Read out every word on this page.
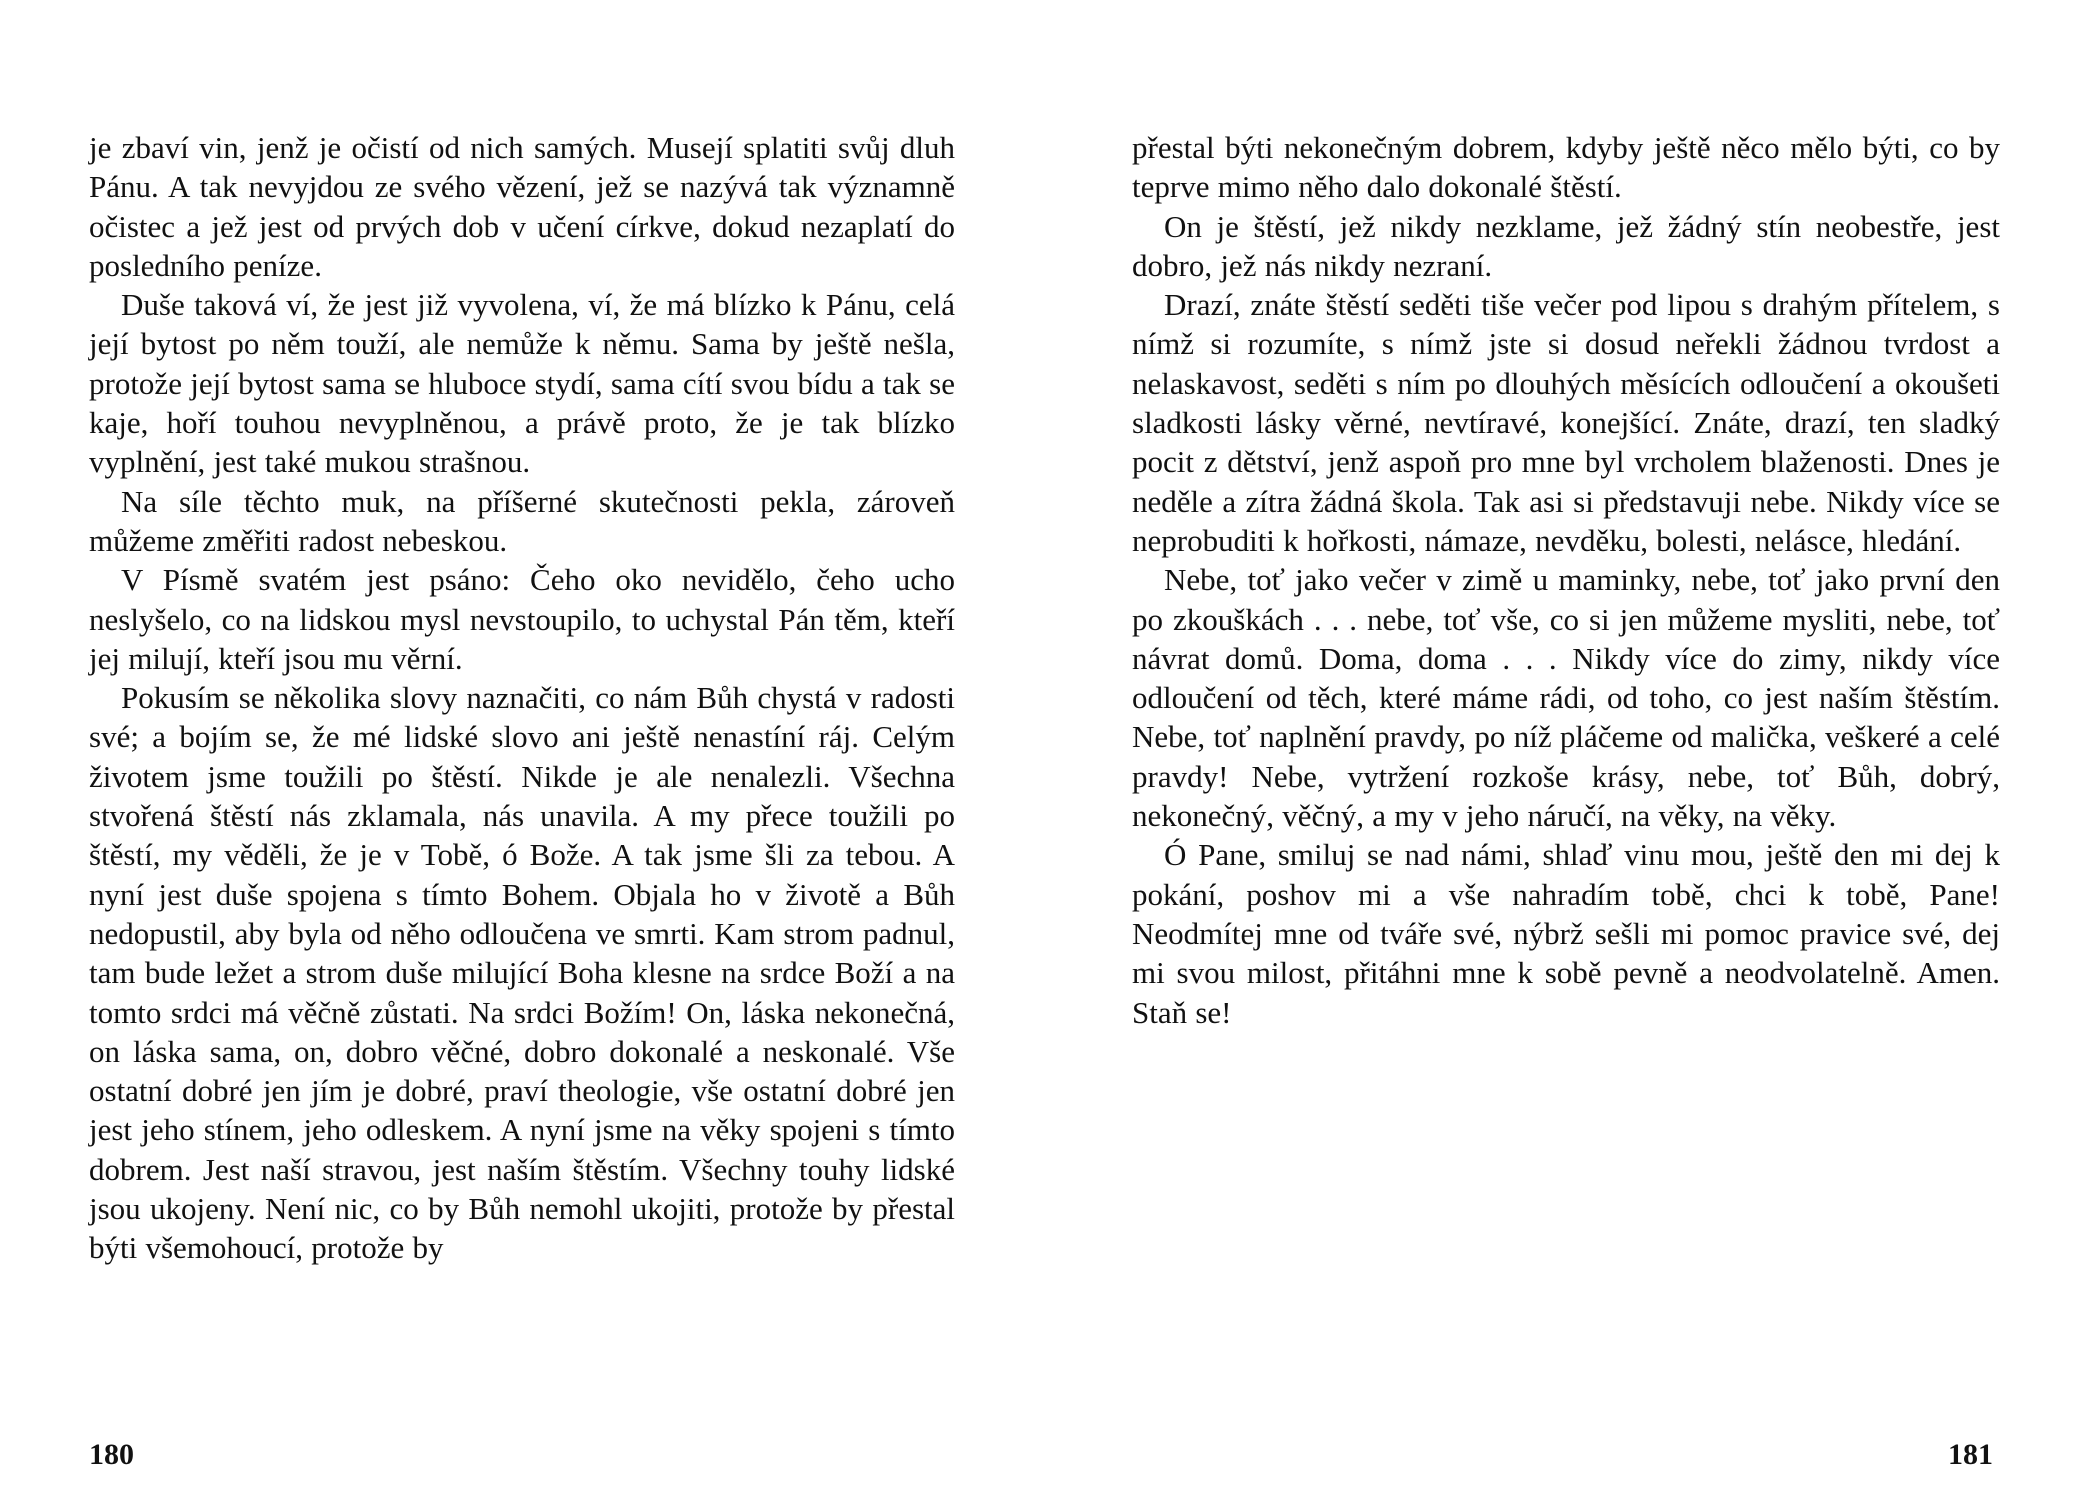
je zbaví vin, jenž je očistí od nich samých. Musejí splatiti svůj dluh Pánu. A tak nevyjdou ze svého vězení, jež se nazývá tak významně očistec a jež jest od prvých dob v učení církve, dokud nezaplatí do posledního peníze.

Duše taková ví, že jest již vyvolena, ví, že má blízko k Pánu, celá její bytost po něm touží, ale nemůže k němu. Sama by ještě nešla, protože její bytost sama se hluboce stydí, sama cítí svou bídu a tak se kaje, hoří touhou nevyplněnou, a právě proto, že je tak blízko vyplnění, jest také mukou strašnou.

Na síle těchto muk, na příšerné skutečnosti pekla, zároveň můžeme změřiti radost nebeskou.

V Písmě svatém jest psáno: Čeho oko nevidělo, čeho ucho neslyšelo, co na lidskou mysl nevstoupilo, to uchystal Pán těm, kteří jej milují, kteří jsou mu věrní.

Pokusím se několika slovy naznačiti, co nám Bůh chystá v radosti své; a bojím se, že mé lidské slovo ani ještě nenastíní ráj. Celým životem jsme toužili po štěstí. Nikde je ale nenalezli. Všechna stvořená štěstí nás zklamala, nás unavila. A my přece toužili po štěstí, my věděli, že je v Tobě, ó Bože. A tak jsme šli za tebou. A nyní jest duše spojena s tímto Bohem. Objala ho v životě a Bůh nedopustil, aby byla od něho odloučena ve smrti. Kam strom padnul, tam bude ležet a strom duše milující Boha klesne na srdce Boží a na tomto srdci má věčně zůstati. Na srdci Božím! On, láska nekonečná, on láska sama, on, dobro věčné, dobro dokonalé a neskonalé. Vše ostatní dobré jen jím je dobré, praví theologie, vše ostatní dobré jen jest jeho stínem, jeho odleskem. A nyní jsme na věky spojeni s tímto dobrem. Jest naší stravou, jest naším štěstím. Všechny touhy lidské jsou ukojeny. Není nic, co by Bůh nemohl ukojiti, protože by přestal býti všemohoucí, protože by

přestal býti nekonečným dobrem, kdyby ještě něco mělo býti, co by teprve mimo něho dalo dokonalé štěstí.

On je štěstí, jež nikdy nezklame, jež žádný stín neobestře, jest dobro, jež nás nikdy nezraní.

Drazí, znáte štěstí seděti tiše večer pod lipou s drahým přítelem, s nímž si rozumíte, s nímž jste si dosud neřekli žádnou tvrdost a nelaskavost, seděti s ním po dlouhých měsících odloučení a okoušeti sladkosti lásky věrné, nevtíravé, konejšící. Znáte, drazí, ten sladký pocit z dětství, jenž aspoň pro mne byl vrcholem blaženosti. Dnes je neděle a zítra žádná škola. Tak asi si představuji nebe. Nikdy více se neprobuditi k hořkosti, námaze, nevděku, bolesti, nelásce, hledání.

Nebe, toť jako večer v zimě u maminky, nebe, toť jako první den po zkouškách . . . nebe, toť vše, co si jen můžeme mysliti, nebe, toť návrat domů. Doma, doma . . . Nikdy více do zimy, nikdy více odloučení od těch, které máme rádi, od toho, co jest naším štěstím. Nebe, toť naplnění pravdy, po níž pláčeme od malička, veškeré a celé pravdy! Nebe, vytržení rozkoše krásy, nebe, toť Bůh, dobrý, nekonečný, věčný, a my v jeho náručí, na věky, na věky.

Ó Pane, smiluj se nad námi, shlaď vinu mou, ještě den mi dej k pokání, poshov mi a vše nahradím tobě, chci k tobě, Pane! Neodmítej mne od tváře své, nýbrž sešli mi pomoc pravice své, dej mi svou milost, přitáhni mne k sobě pevně a neodvolatelně. Amen. Staň se!

180	181
